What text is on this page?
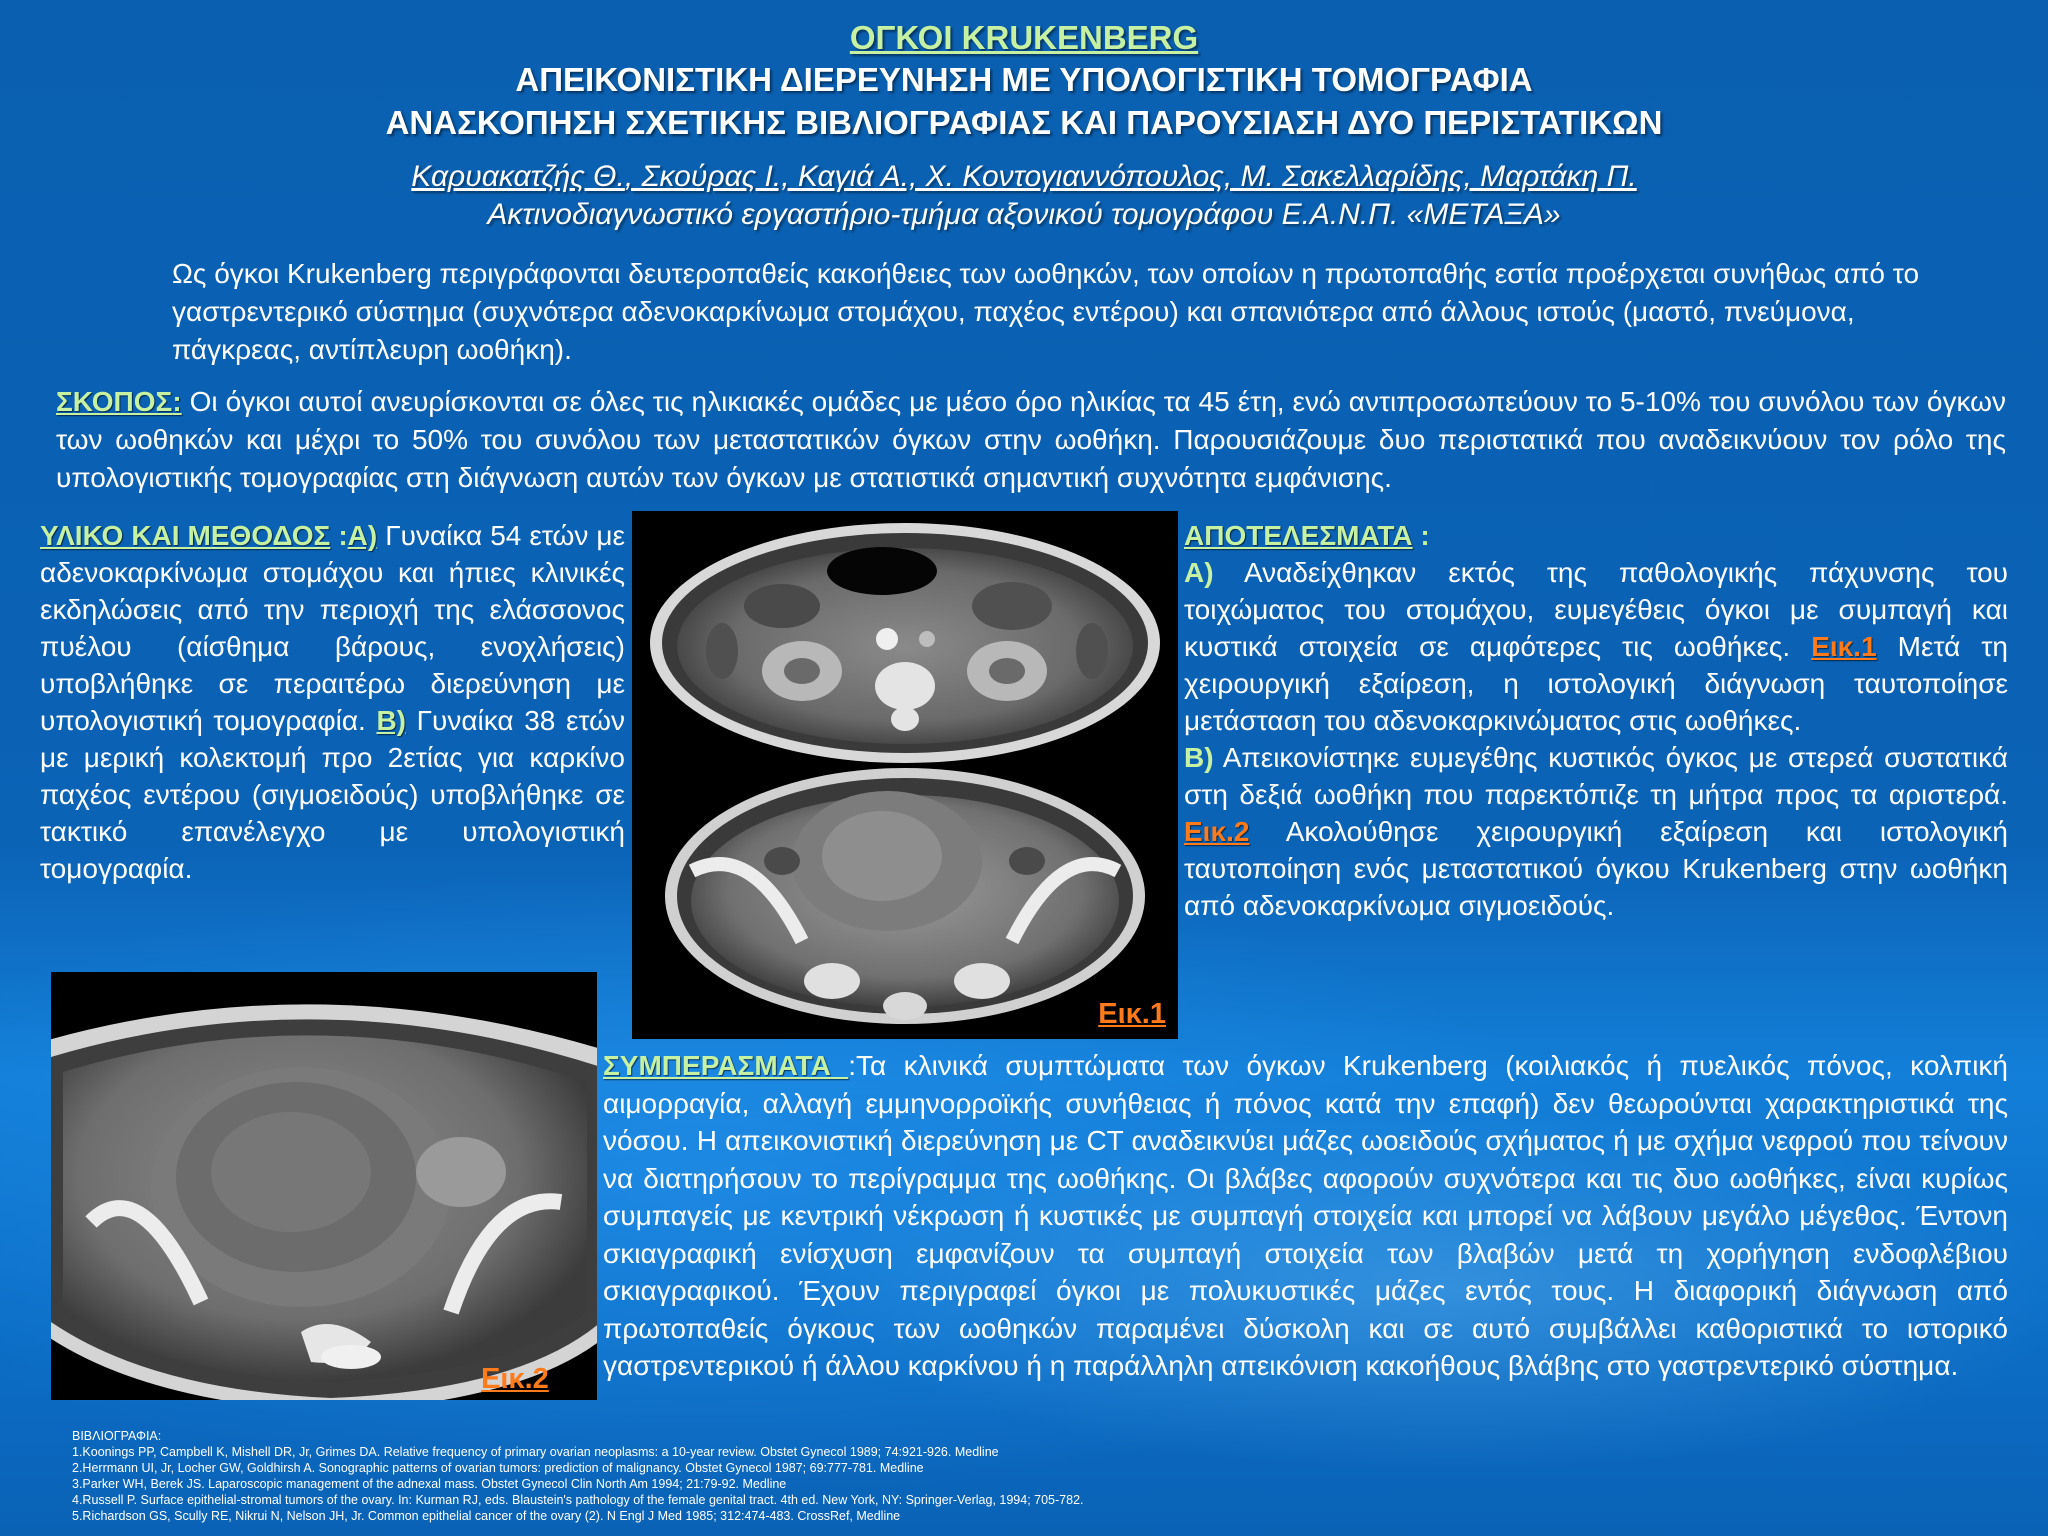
ΟΓΚΟΙ KRUKENBERG
ΑΠΕΙΚΟΝΙΣΤΙΚΗ ΔΙΕΡΕΥΝΗΣΗ ΜΕ ΥΠΟΛΟΓΙΣΤΙΚΗ ΤΟΜΟΓΡΑΦΙΑ
ΑΝΑΣΚΟΠΗΣΗ ΣΧΕΤΙΚΗΣ ΒΙΒΛΙΟΓΡΑΦΙΑΣ ΚΑΙ ΠΑΡΟΥΣΙΑΣΗ ΔΥΟ ΠΕΡΙΣΤΑΤΙΚΩΝ
Καρυακατζής Θ., Σκούρας Ι., Καγιά Α., Χ. Κοντογιαννόπουλος, Μ. Σακελλαρίδης, Μαρτάκη Π.
Ακτινοδιαγνωστικό εργαστήριο-τμήμα αξονικού τομογράφου Ε.Α.Ν.Π. «ΜΕΤΑΞΑ»
Ως όγκοι Krukenberg περιγράφονται δευτεροπαθείς κακοήθειες των ωοθηκών, των οποίων η πρωτοπαθής εστία προέρχεται συνήθως από το γαστρεντερικό σύστημα (συχνότερα αδενοκαρκίνωμα στομάχου, παχέος εντέρου) και σπανιότερα από άλλους ιστούς (μαστό, πνεύμονα, πάγκρεας, αντίπλευρη ωοθήκη).
ΣΚΟΠΟΣ: Οι όγκοι αυτοί ανευρίσκονται σε όλες τις ηλικιακές ομάδες με μέσο όρο ηλικίας τα 45 έτη, ενώ αντιπροσωπεύουν το 5-10% του συνόλου των όγκων των ωοθηκών και μέχρι το 50% του συνόλου των μεταστατικών όγκων στην ωοθήκη. Παρουσιάζουμε δυο περιστατικά που αναδεικνύουν τον ρόλο της υπολογιστικής τομογραφίας στη διάγνωση αυτών των όγκων με στατιστικά σημαντική συχνότητα εμφάνισης.
ΥΛΙΚΟ ΚΑΙ ΜΕΘΟΔΟΣ :Α) Γυναίκα 54 ετών με αδενοκαρκίνωμα στομάχου και ήπιες κλινικές εκδηλώσεις από την περιοχή της ελάσσονος πυέλου (αίσθημα βάρους, ενοχλήσεις) υποβλήθηκε σε περαιτέρω διερεύνηση με υπολογιστική τομογραφία. Β) Γυναίκα 38 ετών με μερική κολεκτομή προ 2ετίας για καρκίνο παχέος εντέρου (σιγμοειδούς) υποβλήθηκε σε τακτικό επανέλεγχο με υπολογιστική τομογραφία.
Εικ.1
ΑΠΟΤΕΛΕΣΜΑΤΑ :
Α) Αναδείχθηκαν εκτός της παθολογικής πάχυνσης του τοιχώματος του στομάχου, ευμεγέθεις όγκοι με συμπαγή και κυστικά στοιχεία σε αμφότερες τις ωοθήκες. Εικ.1 Μετά τη χειρουργική εξαίρεση, η ιστολογική διάγνωση ταυτοποίησε μετάσταση του αδενοκαρκινώματος στις ωοθήκες.
Β) Απεικονίστηκε ευμεγέθης κυστικός όγκος με στερεά συστατικά στη δεξιά ωοθήκη που παρεκτόπιζε τη μήτρα προς τα αριστερά. Εικ.2 Ακολούθησε χειρουργική εξαίρεση και ιστολογική ταυτοποίηση ενός μεταστατικού όγκου Krukenberg στην ωοθήκη από αδενοκαρκίνωμα σιγμοειδούς.
Εικ.2
ΣΥΜΠΕΡΑΣΜΑΤΑ :Τα κλινικά συμπτώματα των όγκων Krukenberg (κοιλιακός ή πυελικός πόνος, κολπική αιμορραγία, αλλαγή εμμηνορροϊκής συνήθειας ή πόνος κατά την επαφή) δεν θεωρούνται χαρακτηριστικά της νόσου. Η απεικονιστική διερεύνηση με CT αναδεικνύει μάζες ωοειδούς σχήματος ή με σχήμα νεφρού που τείνουν να διατηρήσουν το περίγραμμα της ωοθήκης. Οι βλάβες αφορούν συχνότερα και τις δυο ωοθήκες, είναι κυρίως συμπαγείς με κεντρική νέκρωση ή κυστικές με συμπαγή στοιχεία και μπορεί να λάβουν μεγάλο μέγεθος. Έντονη σκιαγραφική ενίσχυση εμφανίζουν τα συμπαγή στοιχεία των βλαβών μετά τη χορήγηση ενδοφλέβιου σκιαγραφικού. Έχουν περιγραφεί όγκοι με πολυκυστικές μάζες εντός τους. Η διαφορική διάγνωση από πρωτοπαθείς όγκους των ωοθηκών παραμένει δύσκολη και σε αυτό συμβάλλει καθοριστικά το ιστορικό γαστρεντερικού ή άλλου καρκίνου ή η παράλληλη απεικόνιση κακοήθους βλάβης στο γαστρεντερικό σύστημα.
ΒΙΒΛΙΟΓΡΑΦΙΑ:
1.Koonings PP, Campbell K, Mishell DR, Jr, Grimes DA. Relative frequency of primary ovarian neoplasms: a 10-year review. Obstet Gynecol 1989; 74:921-926. Medline
2.Herrmann UI, Jr, Locher GW, Goldhirsh A. Sonographic patterns of ovarian tumors: prediction of malignancy. Obstet Gynecol 1987; 69:777-781. Medline
3.Parker WH, Berek JS. Laparoscopic management of the adnexal mass. Obstet Gynecol Clin North Am 1994; 21:79-92. Medline
4.Russell P. Surface epithelial-stromal tumors of the ovary. In: Kurman RJ, eds. Blaustein's pathology of the female genital tract. 4th ed. New York, NY: Springer-Verlag, 1994; 705-782.
5.Richardson GS, Scully RE, Nikrui N, Nelson JH, Jr. Common epithelial cancer of the ovary (2). N Engl J Med 1985; 312:474-483. CrossRef, Medline
